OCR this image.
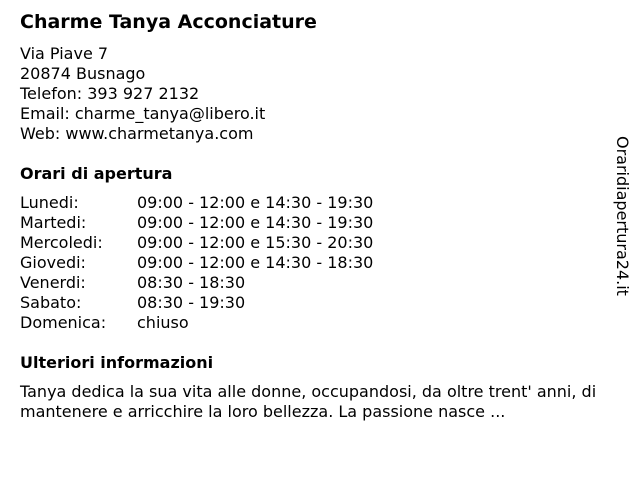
Charme Tanya Acconciature
Via Piave 7
20874 Busnago
Telefon: 393 927 2132
Email: charme_tanya@libero.it
Web: www.charmetanya.com
Orari di apertura
Lunedi:	09:00 - 12:00 e 14:30 - 19:30
Martedi:	09:00 - 12:00 e 14:30 - 19:30
Mercoledi:	09:00 - 12:00 e 15:30 - 20:30
Giovedi:	09:00 - 12:00 e 14:30 - 18:30
Venerdi:	08:30 - 18:30
Sabato:	08:30 - 19:30
Domenica:	chiuso
Ulteriori informazioni

Tanya dedica la sua vita alle donne, occupandosi, da oltre trent' anni, di mantenere e arricchire la loro bellezza. La passione nasce ...

Oraridiapertura24.it
